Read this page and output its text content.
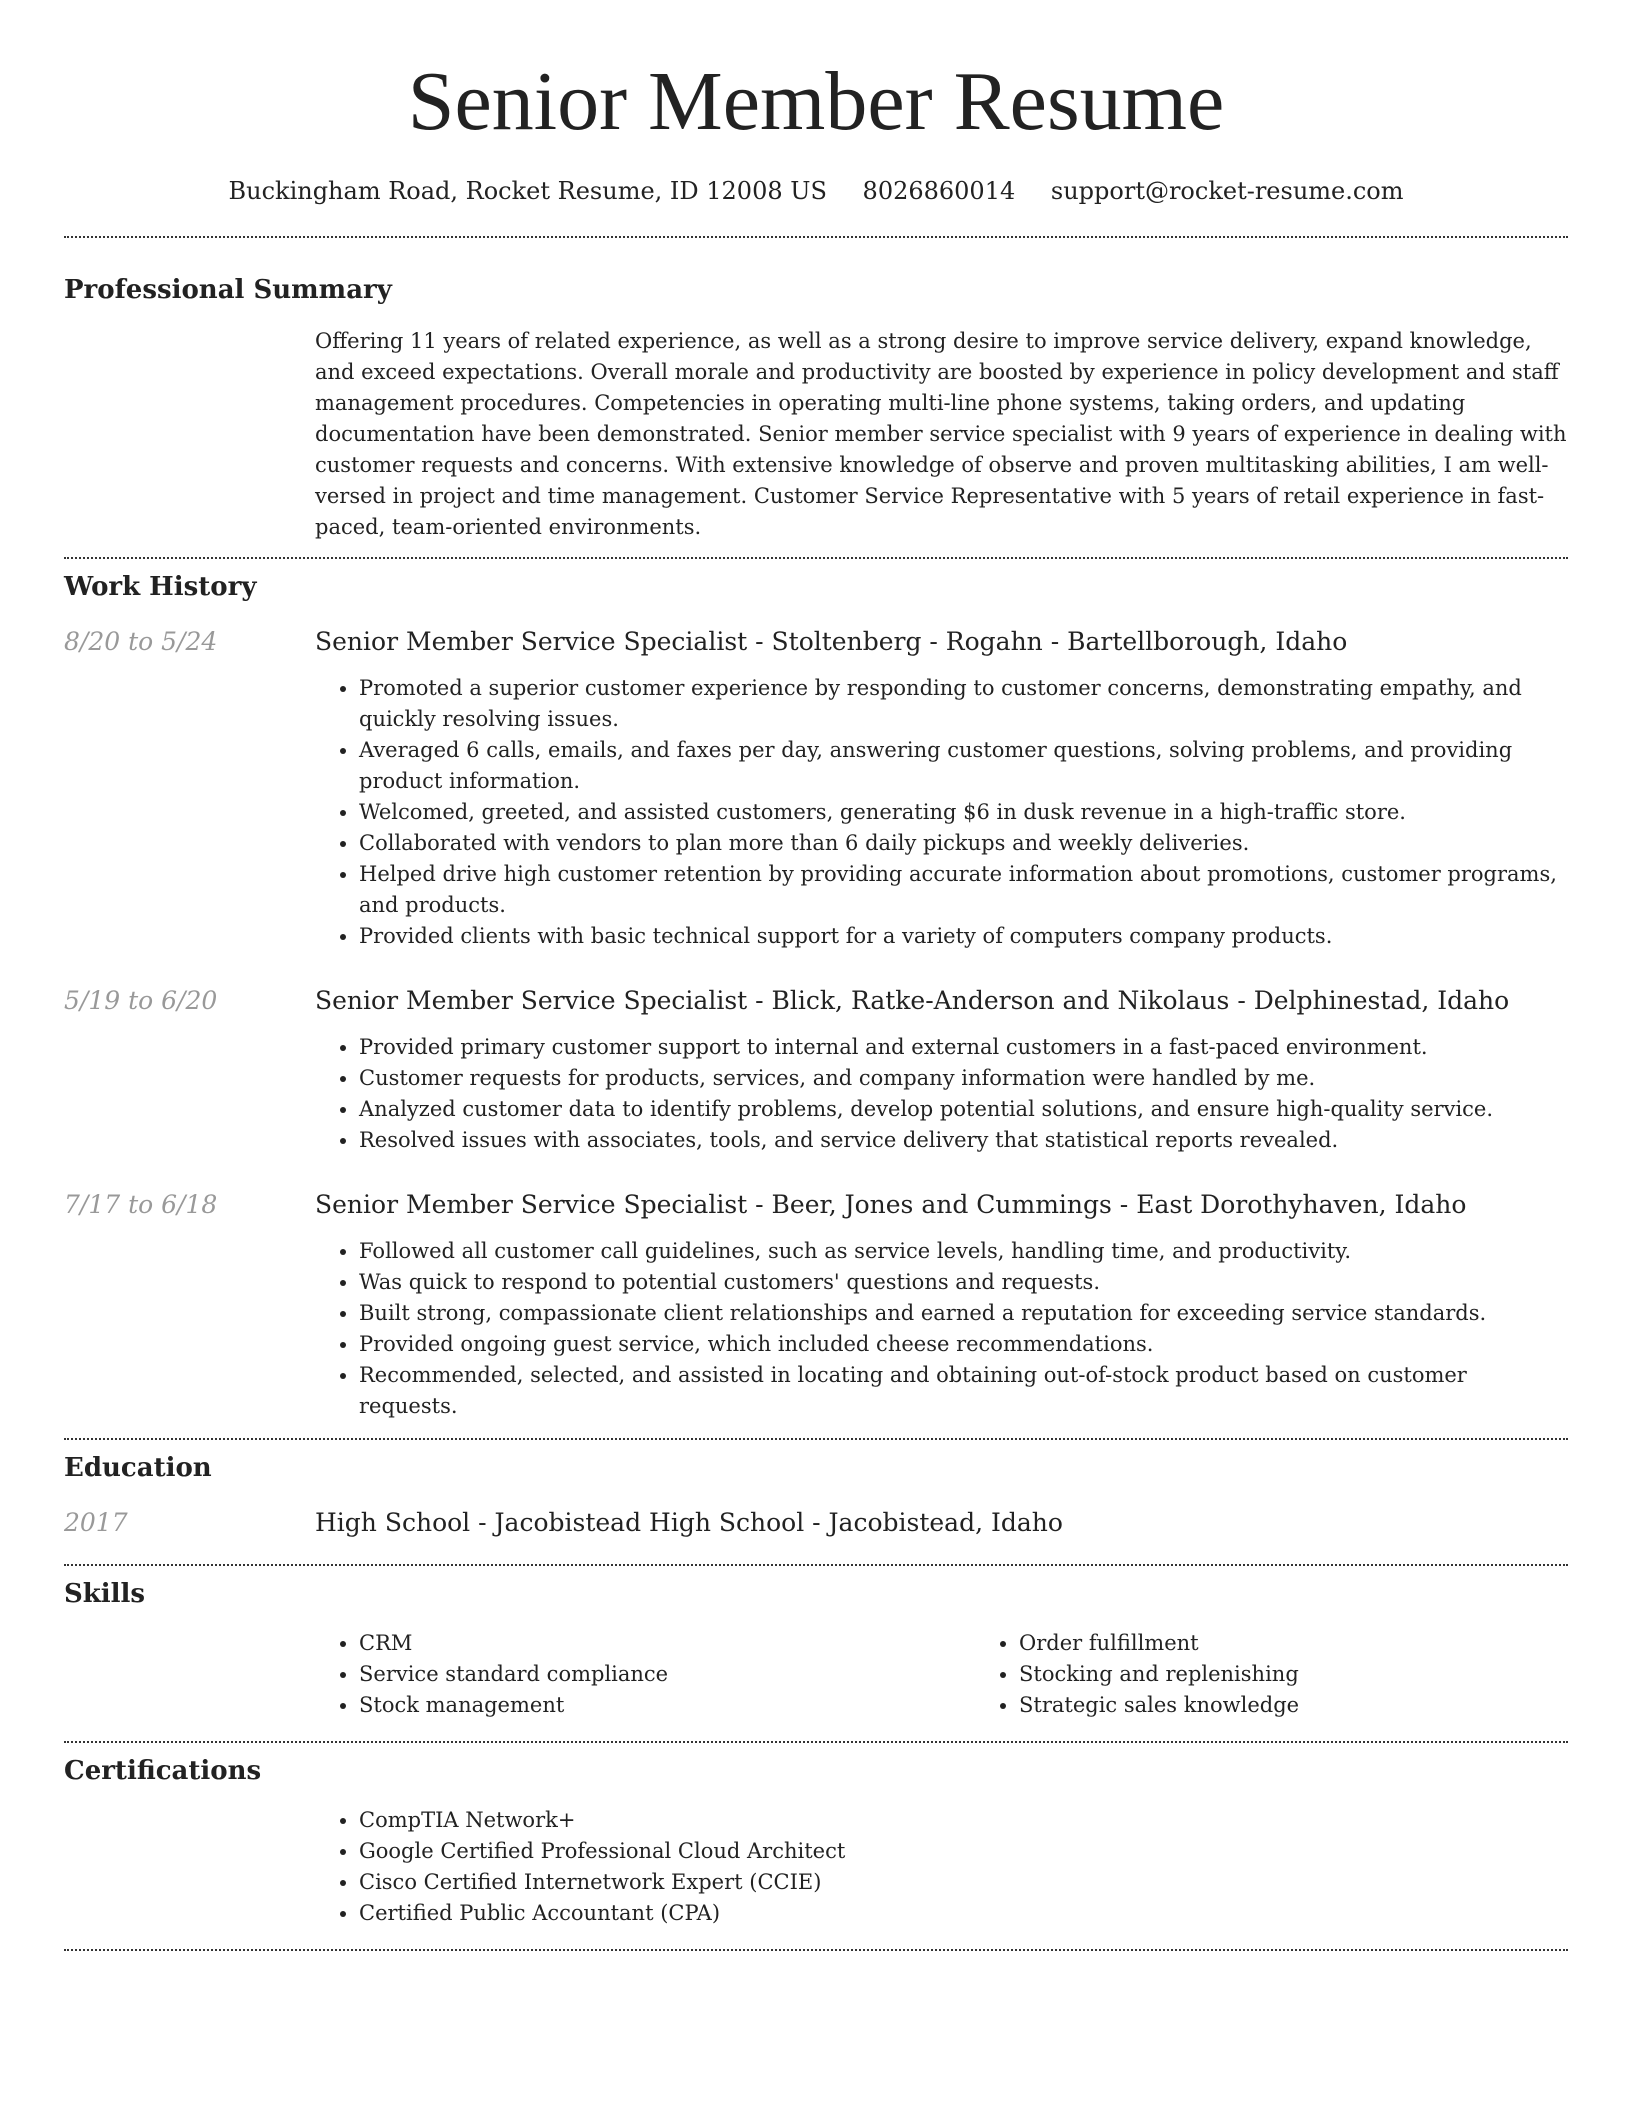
Senior Member Resume
Buckingham Road, Rocket Resume, ID 12008 US 8026860014 support@rocket-resume.com
Professional Summary
Offering 11 years of related experience, as well as a strong desire to improve service delivery, expand knowledge, and exceed expectations. Overall morale and productivity are boosted by experience in policy development and staff management procedures. Competencies in operating multi-line phone systems, taking orders, and updating documentation have been demonstrated. Senior member service specialist with 9 years of experience in dealing with customer requests and concerns. With extensive knowledge of observe and proven multitasking abilities, I am well-versed in project and time management. Customer Service Representative with 5 years of retail experience in fast-paced, team-oriented environments.
Work History
8/20 to 5/24	Senior Member Service Specialist - Stoltenberg - Rogahn - Bartellborough, Idaho
• Promoted a superior customer experience by responding to customer concerns, demonstrating empathy, and quickly resolving issues.
• Averaged 6 calls, emails, and faxes per day, answering customer questions, solving problems, and providing product information.
• Welcomed, greeted, and assisted customers, generating $6 in dusk revenue in a high-traffic store.
• Collaborated with vendors to plan more than 6 daily pickups and weekly deliveries.
• Helped drive high customer retention by providing accurate information about promotions, customer programs, and products.
• Provided clients with basic technical support for a variety of computers company products.
5/19 to 6/20	Senior Member Service Specialist - Blick, Ratke-Anderson and Nikolaus - Delphinestad, Idaho
• Provided primary customer support to internal and external customers in a fast-paced environment.
• Customer requests for products, services, and company information were handled by me.
• Analyzed customer data to identify problems, develop potential solutions, and ensure high-quality service.
• Resolved issues with associates, tools, and service delivery that statistical reports revealed.
7/17 to 6/18	Senior Member Service Specialist - Beer, Jones and Cummings - East Dorothyhaven, Idaho
• Followed all customer call guidelines, such as service levels, handling time, and productivity.
• Was quick to respond to potential customers' questions and requests.
• Built strong, compassionate client relationships and earned a reputation for exceeding service standards.
• Provided ongoing guest service, which included cheese recommendations.
• Recommended, selected, and assisted in locating and obtaining out-of-stock product based on customer requests.
Education
2017	High School - Jacobistead High School - Jacobistead, Idaho
Skills
• CRM
• Service standard compliance
• Stock management
• Order fulfillment
• Stocking and replenishing
• Strategic sales knowledge
Certifications
• CompTIA Network+
• Google Certified Professional Cloud Architect
• Cisco Certified Internetwork Expert (CCIE)
• Certified Public Accountant (CPA)
